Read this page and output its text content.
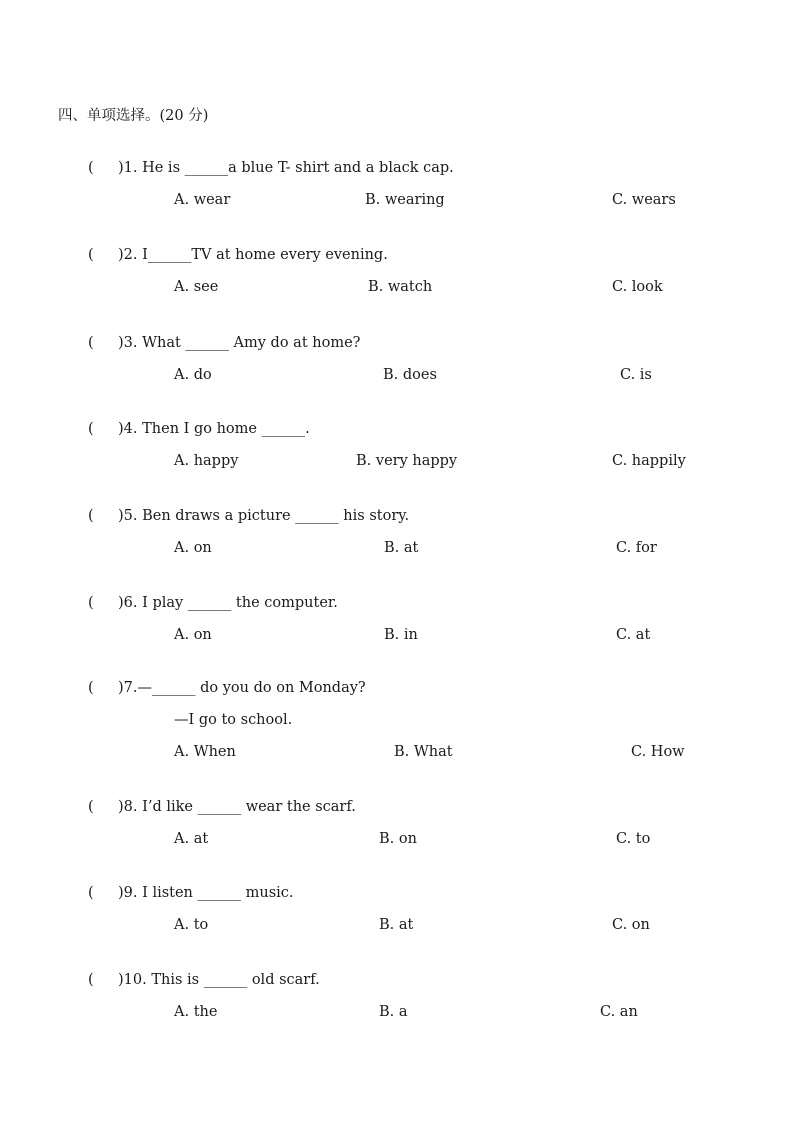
四、单项选择。(20 分)
( )1. He is ______a blue T- shirt and a black cap.
A. wear	B. wearing	C. wears
( )2. I______TV at home every evening.
A. see	B. watch	C. look
( )3. What ______ Amy do at home?
A. do	B. does	C. is
( )4. Then I go home ______.
A. happy	B. very happy	C. happily
( )5. Ben draws a picture ______ his story.
A. on	B. at	C. for
( )6. I play ______ the computer.
A. on	B. in	C. at
( )7.—______ do you do on Monday?
—I go to school.
A. When	B. What	C. How
( )8. I’d like ______ wear the scarf.
A. at	B. on	C. to
( )9. I listen ______ music.
A. to	B. at	C. on
( )10. This is ______ old scarf.
A. the	B. a	C. an
